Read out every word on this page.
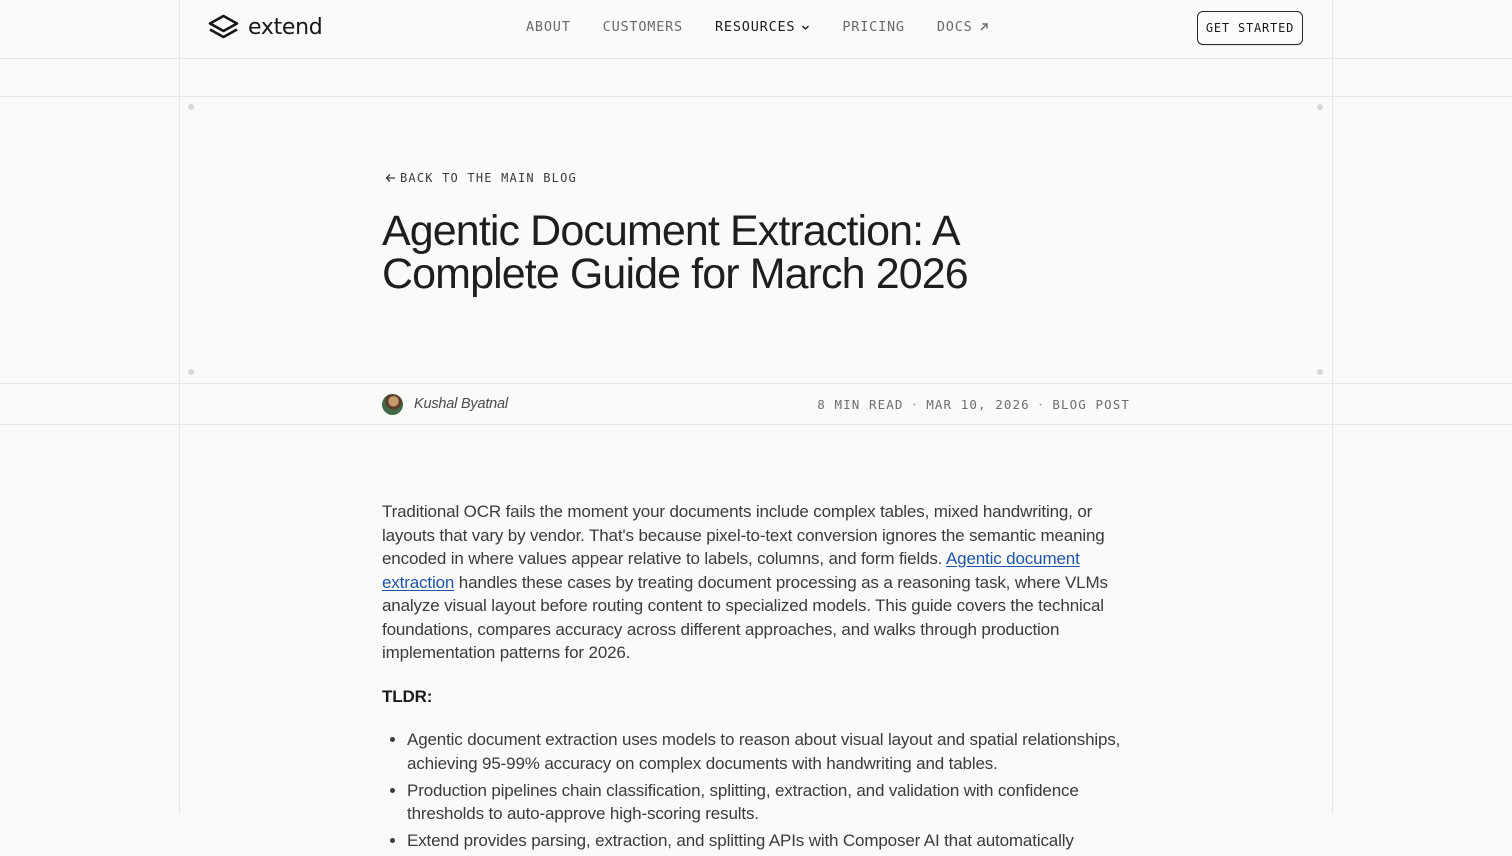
extend	ABOUT CUSTOMERS RESOURCES	PRICING DOCS	GET STARTED
BACK TO THE MAIN BLOG
Agentic Document Extraction: A
Complete Guide for March 2026
Kushal Byatnal	8 MIN READ · MAR 10, 2026 · BLOG POST

Traditional OCR fails the moment your documents include complex tables, mixed handwriting, or layouts that vary by vendor. That's because pixel-to-text conversion ignores the semantic meaning encoded in where values appear relative to labels, columns, and form fields. Agentic document extraction handles these cases by treating document processing as a reasoning task, where VLMs analyze visual layout before routing content to specialized models. This guide covers the technical foundations, compares accuracy across different approaches, and walks through production implementation patterns for 2026.

TLDR:

• Agentic document extraction uses models to reason about visual layout and spatial relationships, achieving 95-99% accuracy on complex documents with handwriting and tables.
• Production pipelines chain classification, splitting, extraction, and validation with confidence thresholds to auto-approve high-scoring results.
• Extend provides parsing, extraction, and splitting APIs with Composer AI that automatically
